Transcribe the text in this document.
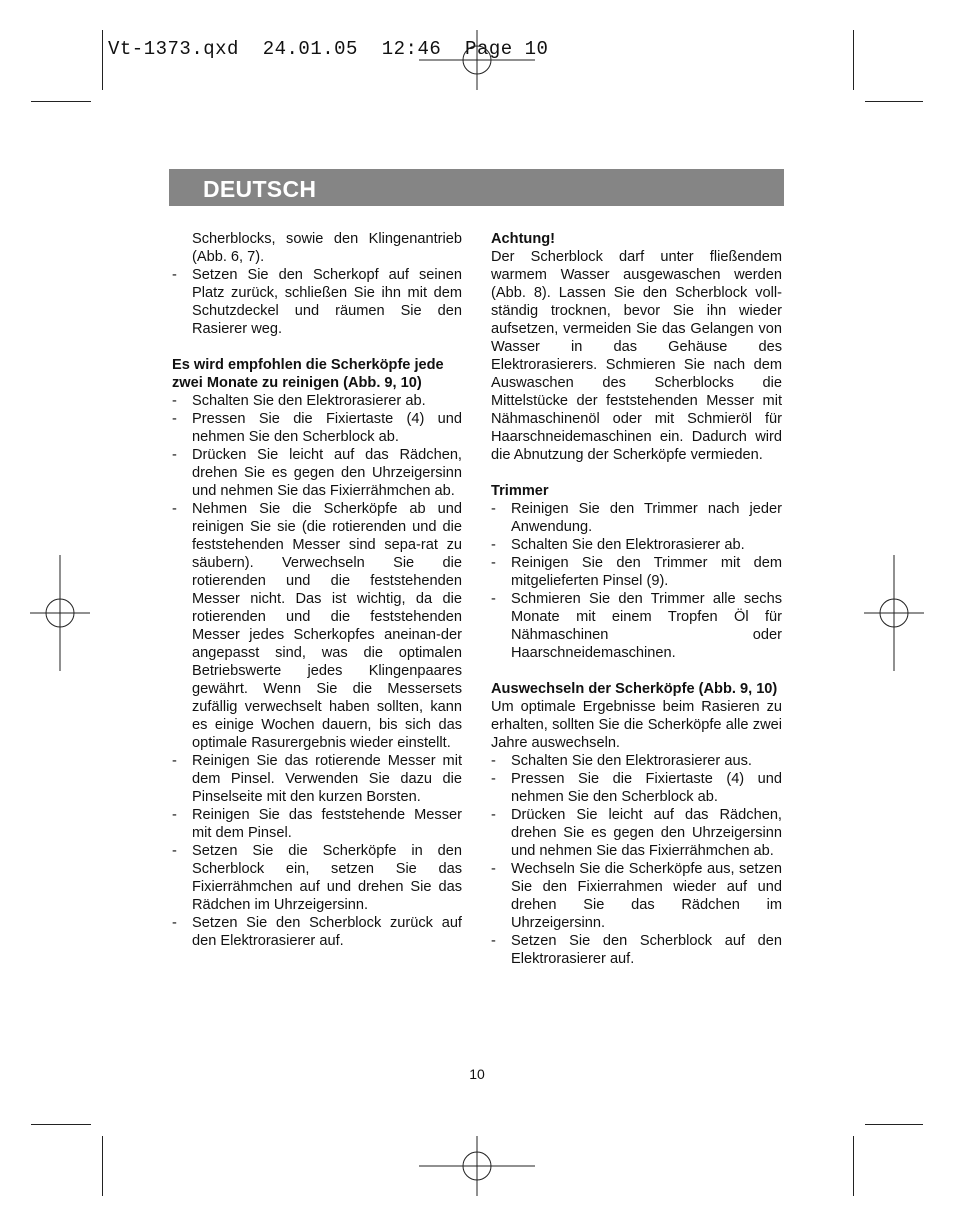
Vt-1373.qxd  24.01.05  12:46  Page 10
DEUTSCH

Scherblocks, sowie den Klingenantrieb (Abb. 6, 7).

- Setzen Sie den Scherkopf auf seinen Platz zurück, schließen Sie ihn mit dem Schutzdeckel und räumen Sie den Rasierer weg.

Es wird empfohlen die Scherköpfe jede zwei Monate zu reinigen (Abb. 9, 10)

- Schalten Sie den Elektrorasierer ab.
- Pressen Sie die Fixiertaste (4) und nehmen Sie den Scherblock ab.
- Drücken Sie leicht auf das Rädchen, drehen Sie es gegen den Uhrzeigersinn und nehmen Sie das Fixierrähmchen ab.
- Nehmen Sie die Scherköpfe ab und reinigen Sie sie (die rotierenden und die feststehenden Messer sind sepa-rat zu säubern). Verwechseln Sie die rotierenden und die feststehenden Messer nicht. Das ist wichtig, da die rotierenden und die feststehenden Messer jedes Scherkopfes aneinan-der angepasst sind, was die optimalen Betriebswerte jedes Klingenpaares gewährt. Wenn Sie die Messersets zufällig verwechselt haben sollten, kann es einige Wochen dauern, bis sich das optimale Rasurergebnis wieder einstellt.
- Reinigen Sie das rotierende Messer mit dem Pinsel. Verwenden Sie dazu die Pinselseite mit den kurzen Borsten.
- Reinigen Sie das feststehende Messer mit dem Pinsel.
- Setzen Sie die Scherköpfe in den Scherblock ein, setzen Sie das Fixierrähmchen auf und drehen Sie das Rädchen im Uhrzeigersinn.
- Setzen Sie den Scherblock zurück auf den Elektrorasierer auf.

Achtung!

Der Scherblock darf unter fließendem warmem Wasser ausgewaschen werden (Abb. 8). Lassen Sie den Scherblock voll-ständig trocknen, bevor Sie ihn wieder aufsetzen, vermeiden Sie das Gelangen von Wasser in das Gehäuse des Elektrorasierers. Schmieren Sie nach dem Auswaschen des Scherblocks die Mittelstücke der feststehenden Messer mit Nähmaschinenöl oder mit Schmieröl für Haarschneidemaschinen ein. Dadurch wird die Abnutzung der Scherköpfe vermieden.

Trimmer

- Reinigen Sie den Trimmer nach jeder Anwendung.
- Schalten Sie den Elektrorasierer ab.
- Reinigen Sie den Trimmer mit dem mitgelieferten Pinsel (9).
- Schmieren Sie den Trimmer alle sechs Monate mit einem Tropfen Öl für Nähmaschinen oder Haarschneidemaschinen.

Auswechseln der Scherköpfe (Abb. 9, 10)

Um optimale Ergebnisse beim Rasieren zu erhalten, sollten Sie die Scherköpfe alle zwei Jahre auswechseln.

- Schalten Sie den Elektrorasierer aus.
- Pressen Sie die Fixiertaste (4) und nehmen Sie den Scherblock ab.
- Drücken Sie leicht auf das Rädchen, drehen Sie es gegen den Uhrzeigersinn und nehmen Sie das Fixierrähmchen ab.
- Wechseln Sie die Scherköpfe aus, setzen Sie den Fixierrahmen wieder auf und drehen Sie das Rädchen im Uhrzeigersinn.
- Setzen Sie den Scherblock auf den Elektrorasierer auf.
10
